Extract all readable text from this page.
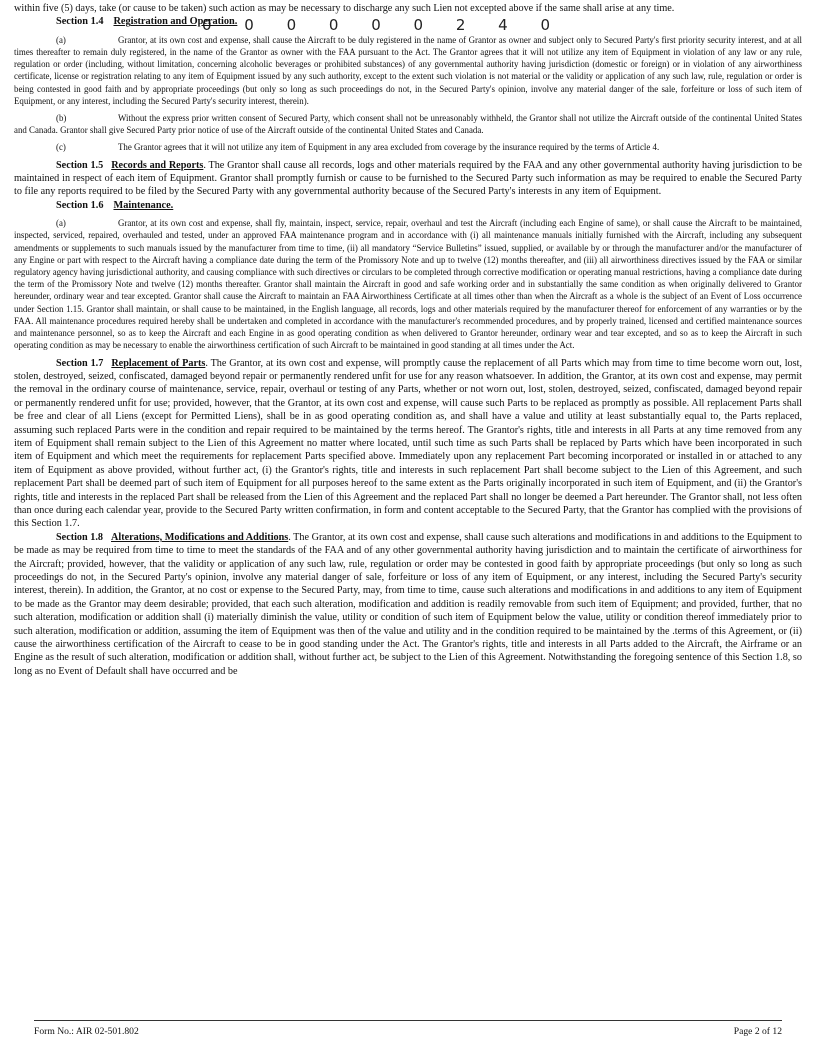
0 0 0 0 0 0 2 4 0

within five (5) days, take (or cause to be taken) such action as may be necessary to discharge any such Lien not excepted above if the same shall arise at any time.

Section 1.4 Registration and Operation.

(a)	Grantor, at its own cost and expense, shall cause the Aircraft to be duly registered in the name of Grantor as owner and subject only to Secured Party's first priority security interest, and at all times thereafter to remain duly registered, in the name of the Grantor as owner with the FAA pursuant to the Act. The Grantor agrees that it will not utilize any item of Equipment in violation of any law or any rule, regulation or order (including, without limitation, concerning alcoholic beverages or prohibited substances) of any governmental authority having jurisdiction (domestic or foreign) or in violation of any airworthiness certificate, license or registration relating to any item of Equipment issued by any such authority, except to the extent such violation is not material or the validity or application of any such law, rule, regulation or order is being contested in good faith and by appropriate proceedings (but only so long as such proceedings do not, in the Secured Party's opinion, involve any material danger of the sale, forfeiture or loss of such item of Equipment, or any interest, including the Secured Party's security interest, therein).

(b)	Without the express prior written consent of Secured Party, which consent shall not be unreasonably withheld, the Grantor shall not utilize the Aircraft outside of the continental United States and Canada. Grantor shall give Secured Party prior notice of use of the Aircraft outside of the continental United States and Canada.

(c)	The Grantor agrees that it will not utilize any item of Equipment in any area excluded from coverage by the insurance required by the terms of Article 4.

Section 1.5 Records and Reports. The Grantor shall cause all records, logs and other materials required by the FAA and any other governmental authority having jurisdiction to be maintained in respect of each item of Equipment. Grantor shall promptly furnish or cause to be furnished to the Secured Party such information as may be required to enable the Secured Party to file any reports required to be filed by the Secured Party with any governmental authority because of the Secured Party's interests in any item of Equipment.

Section 1.6 Maintenance.

(a)	Grantor, at its own cost and expense, shall fly, maintain, inspect, service, repair, overhaul and test the Aircraft (including each Engine of same), or shall cause the Aircraft to be maintained, inspected, serviced, repaired, overhauled and tested, under an approved FAA maintenance program and in accordance with (i) all maintenance manuals initially furnished with the Aircraft, including any subsequent amendments or supplements to such manuals issued by the manufacturer from time to time, (ii) all mandatory “Service Bulletins” issued, supplied, or available by or through the manufacturer and/or the manufacturer of any Engine or part with respect to the Aircraft having a compliance date during the term of the Promissory Note and up to twelve (12) months thereafter, and (iii) all airworthiness directives issued by the FAA or similar regulatory agency having jurisdictional authority, and causing compliance with such directives or circulars to be completed through corrective modification or operating manual restrictions, having a compliance date during the term of the Promissory Note and twelve (12) months thereafter. Grantor shall maintain the Aircraft in good and safe working order and in substantially the same condition as when originally delivered to Grantor hereunder, ordinary wear and tear excepted. Grantor shall cause the Aircraft to maintain an FAA Airworthiness Certificate at all times other than when the Aircraft as a whole is the subject of an Event of Loss occurrence under Section 1.15. Grantor shall maintain, or shall cause to be maintained, in the English language, all records, logs and other materials required by the manufacturer thereof for enforcement of any warranties or by the FAA. All maintenance procedures required hereby shall be undertaken and completed in accordance with the manufacturer's recommended procedures, and by properly trained, licensed and certified maintenance sources and maintenance personnel, so as to keep the Aircraft and each Engine in as good operating condition as when delivered to Grantor hereunder, ordinary wear and tear excepted, and so as to keep the Aircraft in such operating condition as may be necessary to enable the airworthiness certification of such Aircraft to be maintained in good standing at all times under the Act.

Section 1.7 Replacement of Parts. The Grantor, at its own cost and expense, will promptly cause the replacement of all Parts which may from time to time become worn out, lost, stolen, destroyed, seized, confiscated, damaged beyond repair or permanently rendered unfit for use for any reason whatsoever. In addition, the Grantor, at its own cost and expense, may permit the removal in the ordinary course of maintenance, service, repair, overhaul or testing of any Parts, whether or not worn out, lost, stolen, destroyed, seized, confiscated, damaged beyond repair or permanently rendered unfit for use; provided, however, that the Grantor, at its own cost and expense, will cause such Parts to be replaced as promptly as possible. All replacement Parts shall be free and clear of all Liens (except for Permitted Liens), shall be in as good operating condition as, and shall have a value and utility at least substantially equal to, the Parts replaced, assuming such replaced Parts were in the condition and repair required to be maintained by the terms hereof. The Grantor's rights, title and interests in all Parts at any time removed from any item of Equipment shall remain subject to the Lien of this Agreement no matter where located, until such time as such Parts shall be replaced by Parts which have been incorporated in such item of Equipment and which meet the requirements for replacement Parts specified above. Immediately upon any replacement Part becoming incorporated or installed in or attached to any item of Equipment as above provided, without further act, (i) the Grantor's rights, title and interests in such replacement Part shall become subject to the Lien of this Agreement, and such replacement Part shall be deemed part of such item of Equipment for all purposes hereof to the same extent as the Parts originally incorporated in such item of Equipment, and (ii) the Grantor's rights, title and interests in the replaced Part shall be released from the Lien of this Agreement and the replaced Part shall no longer be deemed a Part hereunder. The Grantor shall, not less often than once during each calendar year, provide to the Secured Party written confirmation, in form and content acceptable to the Secured Party, that the Grantor has complied with the provisions of this Section 1.7.

Section 1.8 Alterations, Modifications and Additions. The Grantor, at its own cost and expense, shall cause such alterations and modifications in and additions to the Equipment to be made as may be required from time to time to meet the standards of the FAA and of any other governmental authority having jurisdiction and to maintain the certificate of airworthiness for the Aircraft; provided, however, that the validity or application of any such law, rule, regulation or order may be contested in good faith by appropriate proceedings (but only so long as such proceedings do not, in the Secured Party's opinion, involve any material danger of sale, forfeiture or loss of any item of Equipment, or any interest, including the Secured Party's security interest, therein). In addition, the Grantor, at no cost or expense to the Secured Party, may, from time to time, cause such alterations and modifications in and additions to any item of Equipment to be made as the Grantor may deem desirable; provided, that each such alteration, modification and addition is readily removable from such item of Equipment; and provided, further, that no such alteration, modification or addition shall (i) materially diminish the value, utility or condition of such item of Equipment below the value, utility or condition thereof immediately prior to such alteration, modification or addition, assuming the item of Equipment was then of the value and utility and in the condition required to be maintained by the .terms of this Agreement, or (ii) cause the airworthiness certification of the Aircraft to cease to be in good standing under the Act. The Grantor's rights, title and interests in all Parts added to the Aircraft, the Airframe or an Engine as the result of such alteration, modification or addition shall, without further act, be subject to the Lien of this Agreement. Notwithstanding the foregoing sentence of this Section 1.8, so long as no Event of Default shall have occurred and be

Form No.: AIR 02-501.802	Page 2 of 12
